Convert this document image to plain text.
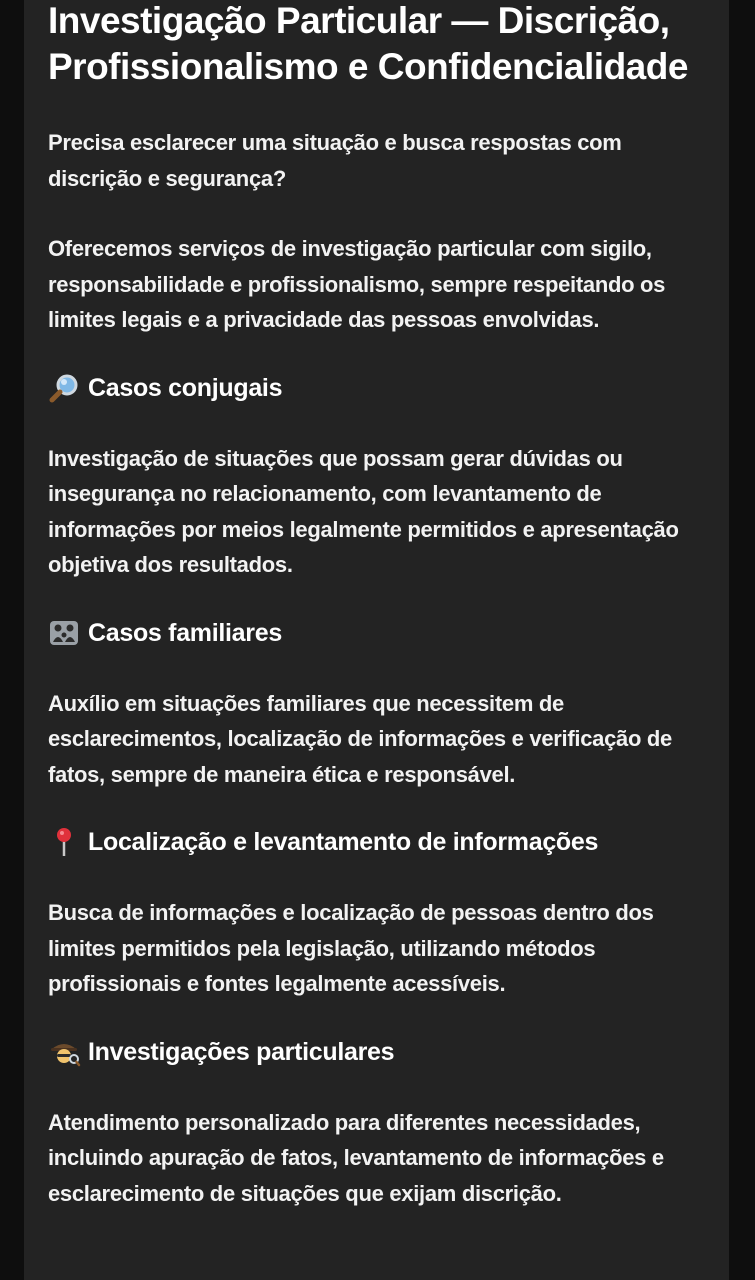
Investigação Particular — Discrição, Profissionalismo e Confidencialidade

Precisa esclarecer uma situação e busca respostas com discrição e segurança?

Oferecemos serviços de investigação particular com sigilo, responsabilidade e profissionalismo, sempre respeitando os limites legais e a privacidade das pessoas envolvidas.

Casos conjugais

Investigação de situações que possam gerar dúvidas ou insegurança no relacionamento, com levantamento de informações por meios legalmente permitidos e apresentação objetiva dos resultados.

Casos familiares

Auxílio em situações familiares que necessitem de esclarecimentos, localização de informações e verificação de fatos, sempre de maneira ética e responsável.

Localização e levantamento de informações

Busca de informações e localização de pessoas dentro dos limites permitidos pela legislação, utilizando métodos profissionais e fontes legalmente acessíveis.

Investigações particulares

Atendimento personalizado para diferentes necessidades, incluindo apuração de fatos, levantamento de informações e esclarecimento de situações que exijam discrição.
